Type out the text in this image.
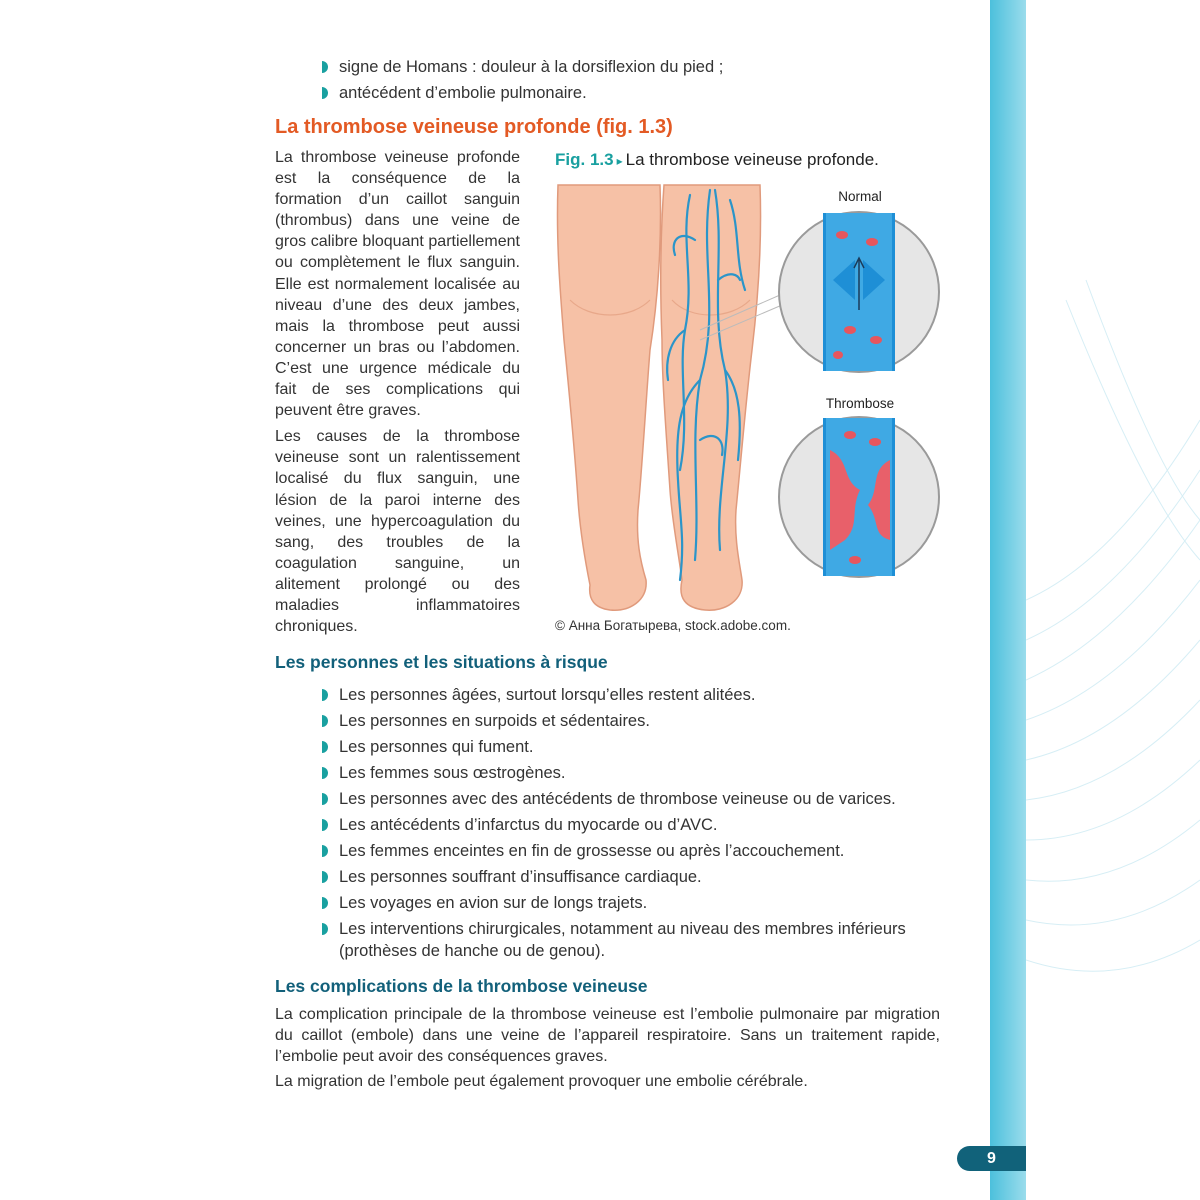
signe de Homans : douleur à la dorsiflexion du pied ;
antécédent d’embolie pulmonaire.
La thrombose veineuse profonde (fig. 1.3)

La thrombose veineuse profonde est la conséquence de la formation d’un caillot sanguin (thrombus) dans une veine de gros calibre bloquant partiellement ou complètement le flux sanguin. Elle est normalement localisée au niveau d’une des deux jambes, mais la thrombose peut aussi concerner un bras ou l’abdomen. C’est une urgence médicale du fait de ses complications qui peuvent être graves.

Les causes de la thrombose veineuse sont un ralentissement localisé du flux sanguin, une lésion de la paroi interne des veines, une hypercoagulation du sang, des troubles de la coagulation sanguine, un alitement prolongé ou des maladies inflammatoires chroniques.

Fig. 1.3 ▸ La thrombose veineuse profonde.
Normal
Thrombose
© Анна Богатырева, stock.adobe.com.
Les personnes et les situations à risque
Les personnes âgées, surtout lorsqu’elles restent alitées.
Les personnes en surpoids et sédentaires.
Les personnes qui fument.
Les femmes sous œstrogènes.
Les personnes avec des antécédents de thrombose veineuse ou de varices.
Les antécédents d’infarctus du myocarde ou d’AVC.
Les femmes enceintes en fin de grossesse ou après l’accouchement.
Les personnes souffrant d’insuffisance cardiaque.
Les voyages en avion sur de longs trajets.
Les interventions chirurgicales, notamment au niveau des membres inférieurs (prothèses de hanche ou de genou).
Les complications de la thrombose veineuse

La complication principale de la thrombose veineuse est l’embolie pulmonaire par migration du caillot (embole) dans une veine de l’appareil respiratoire. Sans un traitement rapide, l’embolie peut avoir des conséquences graves.

La migration de l’embole peut également provoquer une embolie cérébrale.

9
